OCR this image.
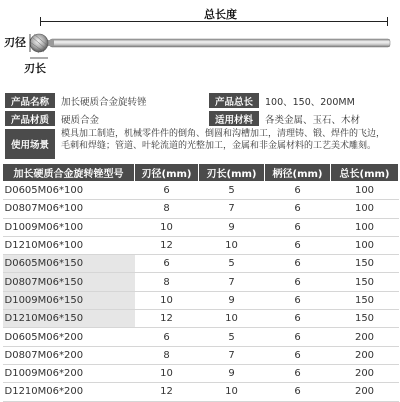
总长度
刃径
刃长
产品名称	加长硬质合金旋转锉	产品总长	100、150、200MM
产品材质	硬质合金	适用材料	各类金属、玉石、木材
使用场景
模具加工制造，机械零件件的倒角、倒圆和沟槽加工，清理铸、锻、焊件的飞边，毛刺和焊缝；管道、叶轮流道的光整加工，金属和非金属材料的工艺美术雕刻。
加长硬质合金旋转锉型号	刃径(mm)	刃长(mm)	柄径(mm)	总长(mm)
D0605M06*100	6	5	6	100
D0807M06*100	8	7	6	100
D1009M06*100	10	9	6	100
D1210M06*100	12	10	6	100
D0605M06*150	6	5	6	150
D0807M06*150	8	7	6	150
D1009M06*150	10	9	6	150
D1210M06*150	12	10	6	150
D0605M06*200	6	5	6	200
D0807M06*200	8	7	6	200
D1009M06*200	10	9	6	200
D1210M06*200	12	10	6	200
